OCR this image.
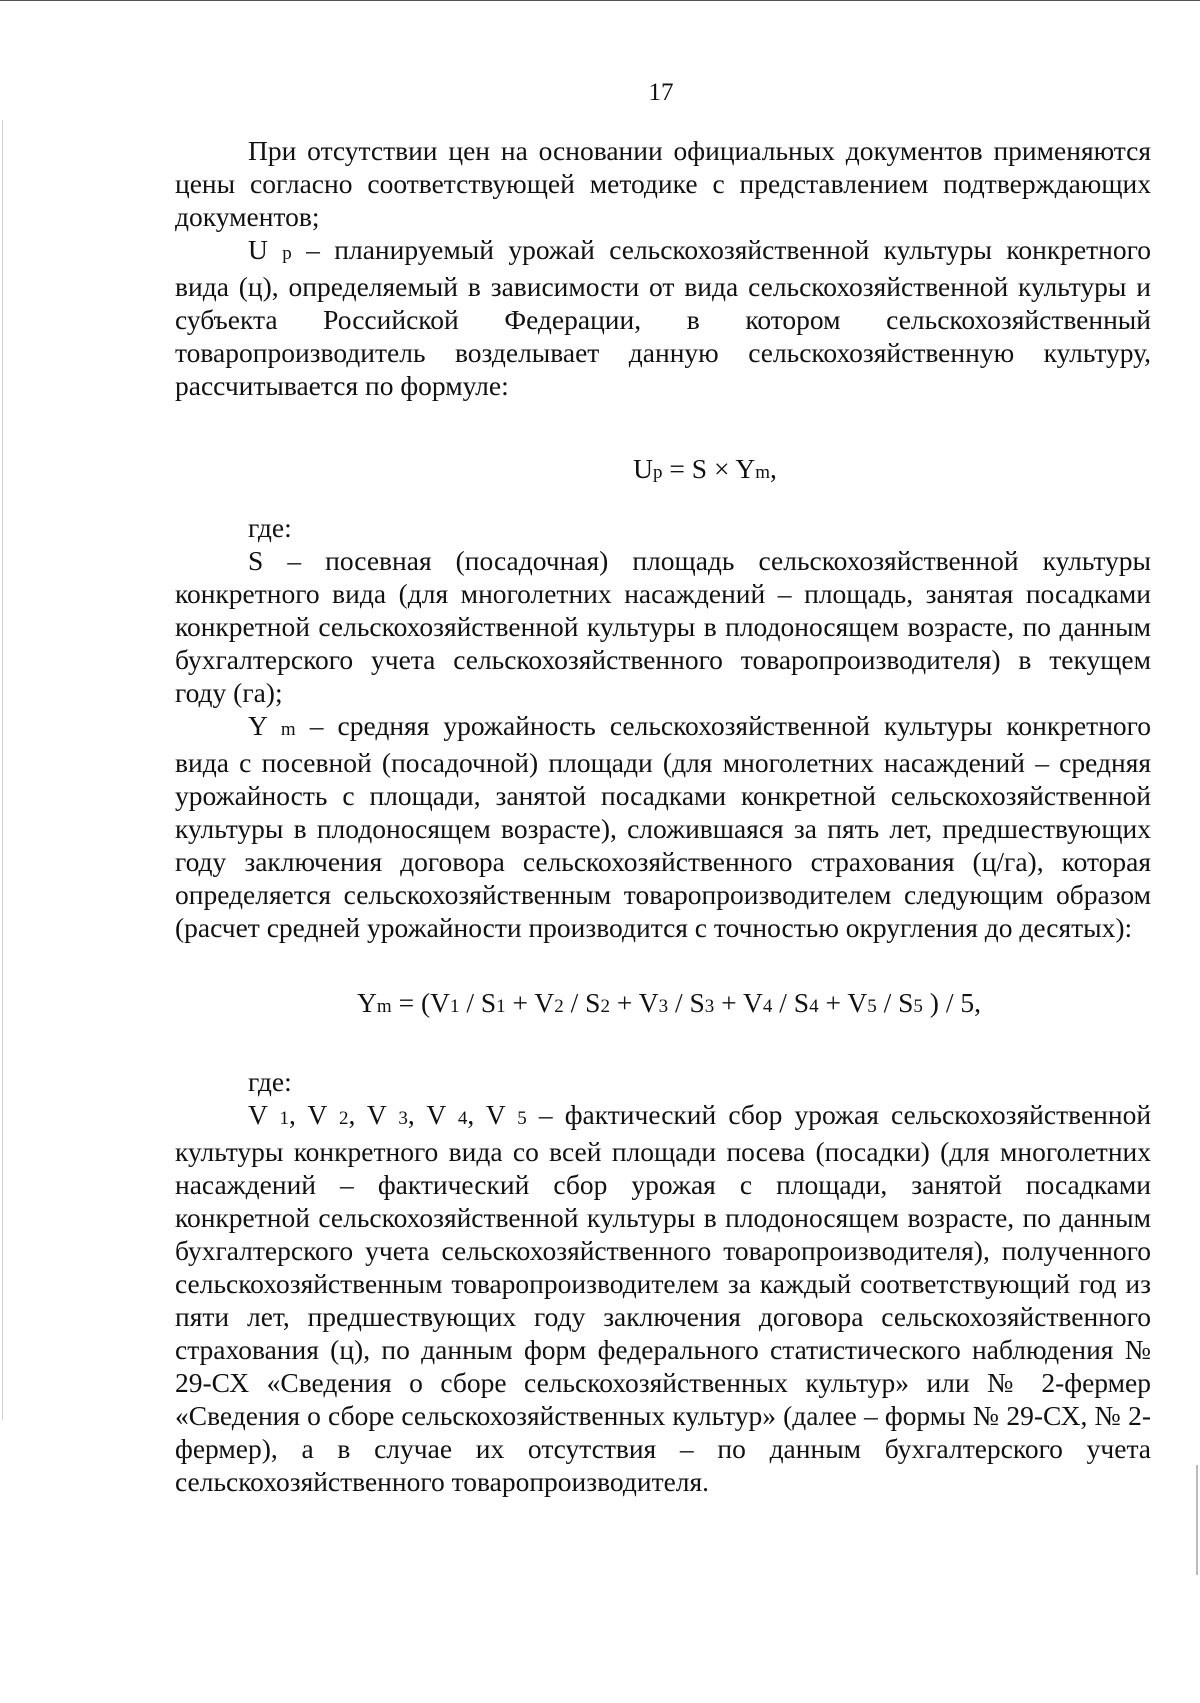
17

При отсутствии цен на основании официальных документов применяются цены согласно соответствующей методике с представлением подтверждающих документов;

U р – планируемый урожай сельскохозяйственной культуры конкретного вида (ц), определяемый в зависимости от вида сельскохозяйственной культуры и субъекта Российской Федерации, в котором сельскохозяйственный товаропроизводитель возделывает данную сельскохозяйственную культуру, рассчитывается по формуле:

Up = S × Ym,

где:

S – посевная (посадочная) площадь сельскохозяйственной культуры конкретного вида (для многолетних насаждений – площадь, занятая посадками конкретной сельскохозяйственной культуры в плодоносящем возрасте, по данным бухгалтерского учета сельскохозяйственного товаропроизводителя) в текущем году (га);

Y m – средняя урожайность сельскохозяйственной культуры конкретного вида с посевной (посадочной) площади (для многолетних насаждений – средняя урожайность с площади, занятой посадками конкретной сельскохозяйственной культуры в плодоносящем возрасте), сложившаяся за пять лет, предшествующих году заключения договора сельскохозяйственного страхования (ц/га), которая определяется сельскохозяйственным товаропроизводителем следующим образом (расчет средней урожайности производится с точностью округления до десятых):

Ym = (V1 / S1 + V2 / S2 + V3 / S3 + V4 / S4 + V5 / S5 ) / 5,

где:

V 1, V 2, V 3, V 4, V 5 – фактический сбор урожая сельскохозяйственной культуры конкретного вида со всей площади посева (посадки) (для многолетних насаждений – фактический сбор урожая с площади, занятой посадками конкретной сельскохозяйственной культуры в плодоносящем возрасте, по данным бухгалтерского учета сельскохозяйственного товаропроизводителя), полученного сельскохозяйственным товаропроизводителем за каждый соответствующий год из пяти лет, предшествующих году заключения договора сельскохозяйственного страхования (ц), по данным форм федерального статистического наблюдения № 29-СХ «Сведения о сборе сельскохозяйственных культур» или № 2-фермер «Сведения о сборе сельскохозяйственных культур» (далее – формы № 29-СХ, № 2-фермер), а в случае их отсутствия – по данным бухгалтерского учета сельскохозяйственного товаропроизводителя.
